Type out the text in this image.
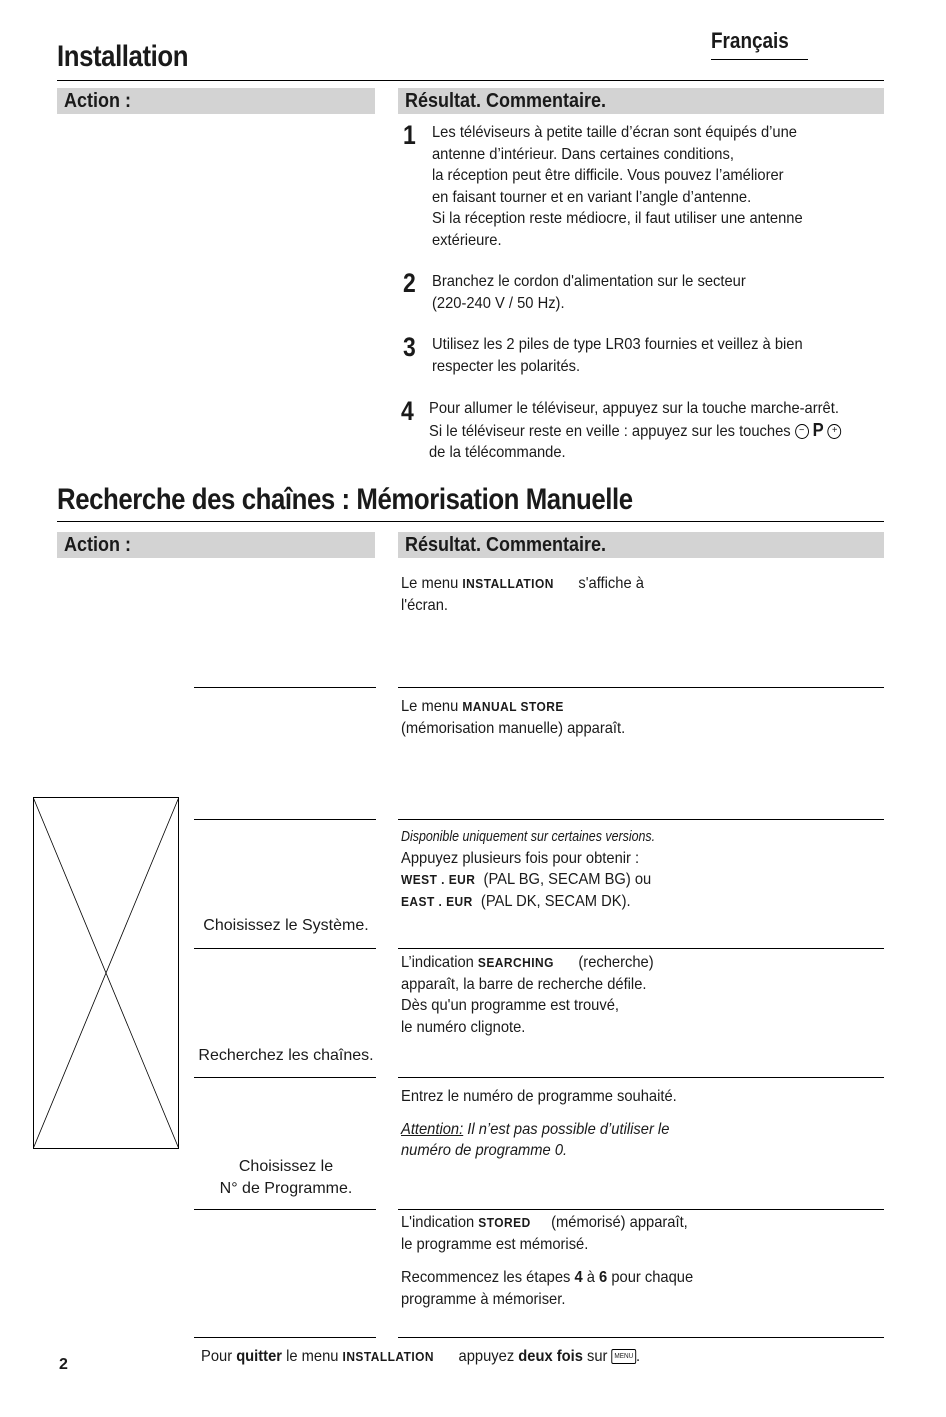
Français
Installation
Action :	Résultat. Commentaire.
1 Les téléviseurs à petite taille d’écran sont équipés d’une
antenne d’intérieur. Dans certaines conditions,
la réception peut être difficile. Vous pouvez l’améliorer
en faisant tourner et en variant l’angle d’antenne.
Si la réception reste médiocre, il faut utiliser une antenne
extérieure.
2 Branchez le cordon d'alimentation sur le secteur
(220-240 V / 50 Hz).
3 Utilisez les 2 piles de type LR03 fournies et veillez à bien
respecter les polarités.
4 Pour allumer le téléviseur, appuyez sur la touche marche-arrêt.
Si le téléviseur reste en veille : appuyez sur les touches − P +
de la télécommande.
Recherche des chaînes : Mémorisation Manuelle
Action :	Résultat. Commentaire.
Le menu INSTALLATION s'affiche à
l'écran.
Le menu MANUAL STORE
(mémorisation manuelle) apparaît.
Disponible uniquement sur certaines versions.
Appuyez plusieurs fois pour obtenir :
WEST . EUR (PAL BG, SECAM BG) ou
EAST . EUR (PAL DK, SECAM DK).
Choisissez le Système.
L’indication SEARCHING (recherche)
apparaît, la barre de recherche défile.
Dès qu'un programme est trouvé,
le numéro clignote.
Recherchez les chaînes.
Entrez le numéro de programme souhaité.
Attention: Il n’est pas possible d’utiliser le
numéro de programme 0.
Choisissez le
N° de Programme.
L'indication STORED (mémorisé) apparaît,
le programme est mémorisé.
Recommencez les étapes 4 à 6 pour chaque
programme à mémoriser.
Pour quitter le menu INSTALLATION appuyez deux fois sur MENU .
2
